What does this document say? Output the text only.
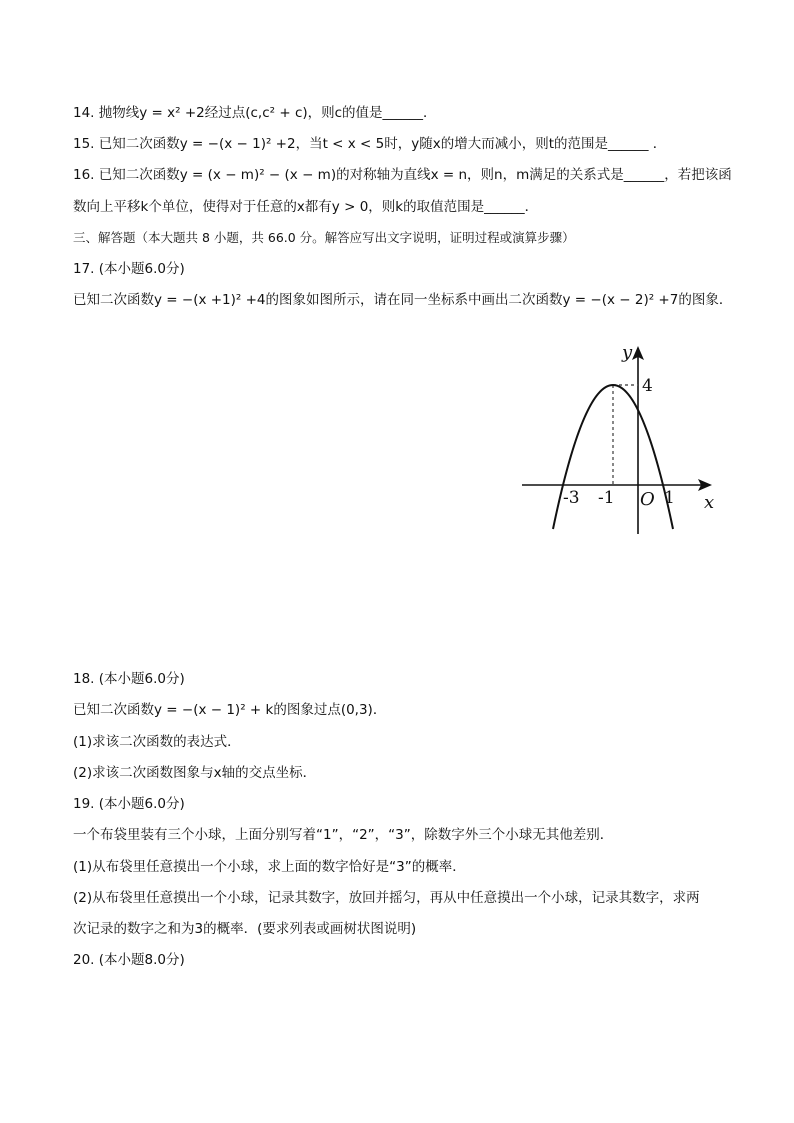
14. 抛物线y = x² +2经过点(c,c² + c)，则c的值是______．
15. 已知二次函数y = −(x − 1)² +2，当t < x < 5时，y随x的增大而减小，则t的范围是______ ．
16. 已知二次函数y = (x − m)² − (x − m)的对称轴为直线x = n，则n，m满足的关系式是______，若把该函
数向上平移k个单位，使得对于任意的x都有y > 0，则k的取值范围是______．
三、解答题（本大题共 8 小题，共 66.0 分。解答应写出文字说明，证明过程或演算步骤）
17. (本小题6.0分)
已知二次函数y = −(x +1)² +4的图象如图所示，请在同一坐标系中画出二次函数y = −(x − 2)² +7的图象．
y
x
4
-3 -1 O 1
18. (本小题6.0分)
已知二次函数y = −(x − 1)² + k的图象过点(0,3)．
(1)求该二次函数的表达式．
(2)求该二次函数图象与x轴的交点坐标．
19. (本小题6.0分)
一个布袋里装有三个小球，上面分别写着“1”，“2”，“3”，除数字外三个小球无其他差别．
(1)从布袋里任意摸出一个小球，求上面的数字恰好是“3”的概率．
(2)从布袋里任意摸出一个小球，记录其数字，放回并摇匀，再从中任意摸出一个小球，记录其数字，求两
次记录的数字之和为3的概率．(要求列表或画树状图说明)
20. (本小题8.0分)
